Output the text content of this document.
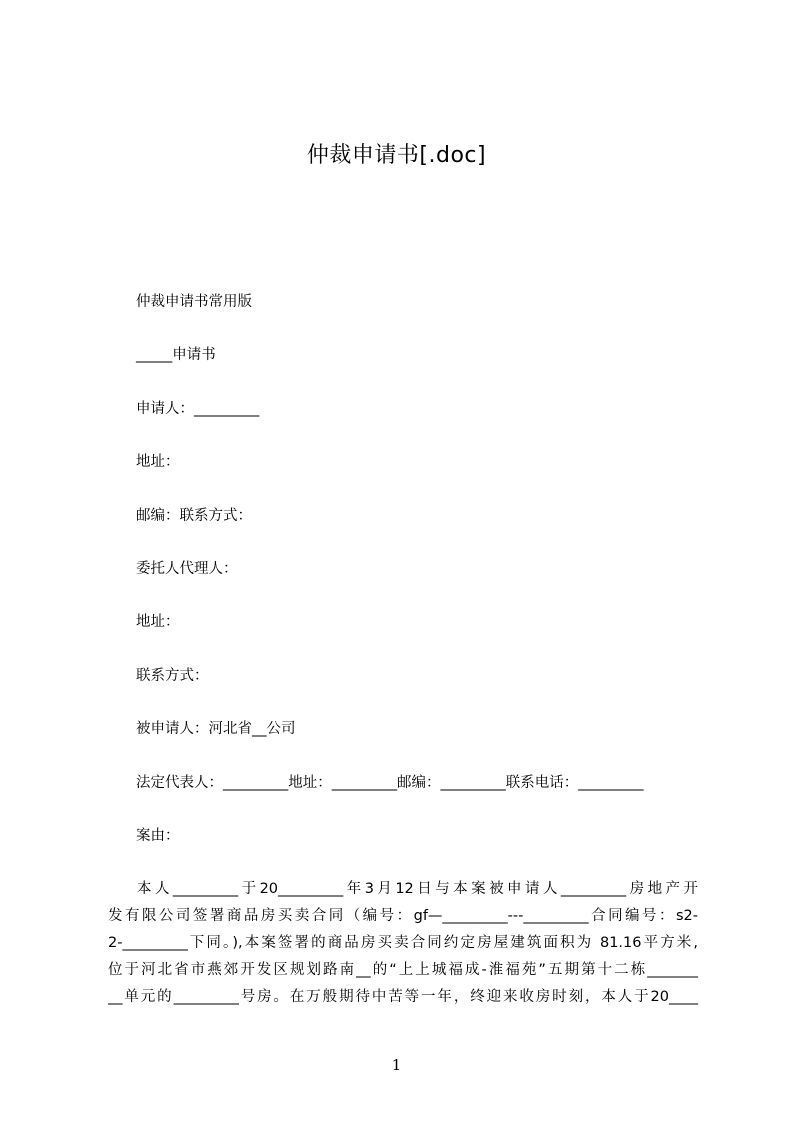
仲裁申请书[.doc]
仲裁申请书常用版
_____申请书
申请人：_________
地址：
邮编：联系方式：
委托人代理人：
地址：
联系方式：
被申请人：河北省__公司
法定代表人：_________地址：_________邮编：_________联系电话：_________
案由：
本人_________于20_________年3月12日与本案被申请人_________房地产开
发有限公司签署商品房买卖合同（编号：gf—_________---_________合同编号：s2-
2-_________下同。),本案签署的商品房买卖合同约定房屋建筑面积为 81.16平方米,
位于河北省市燕郊开发区规划路南__的“上上城福成-淮福苑”五期第十二栋_______
__单元的_________号房。在万般期待中苦等一年，终迎来收房时刻，本人于20____
1
